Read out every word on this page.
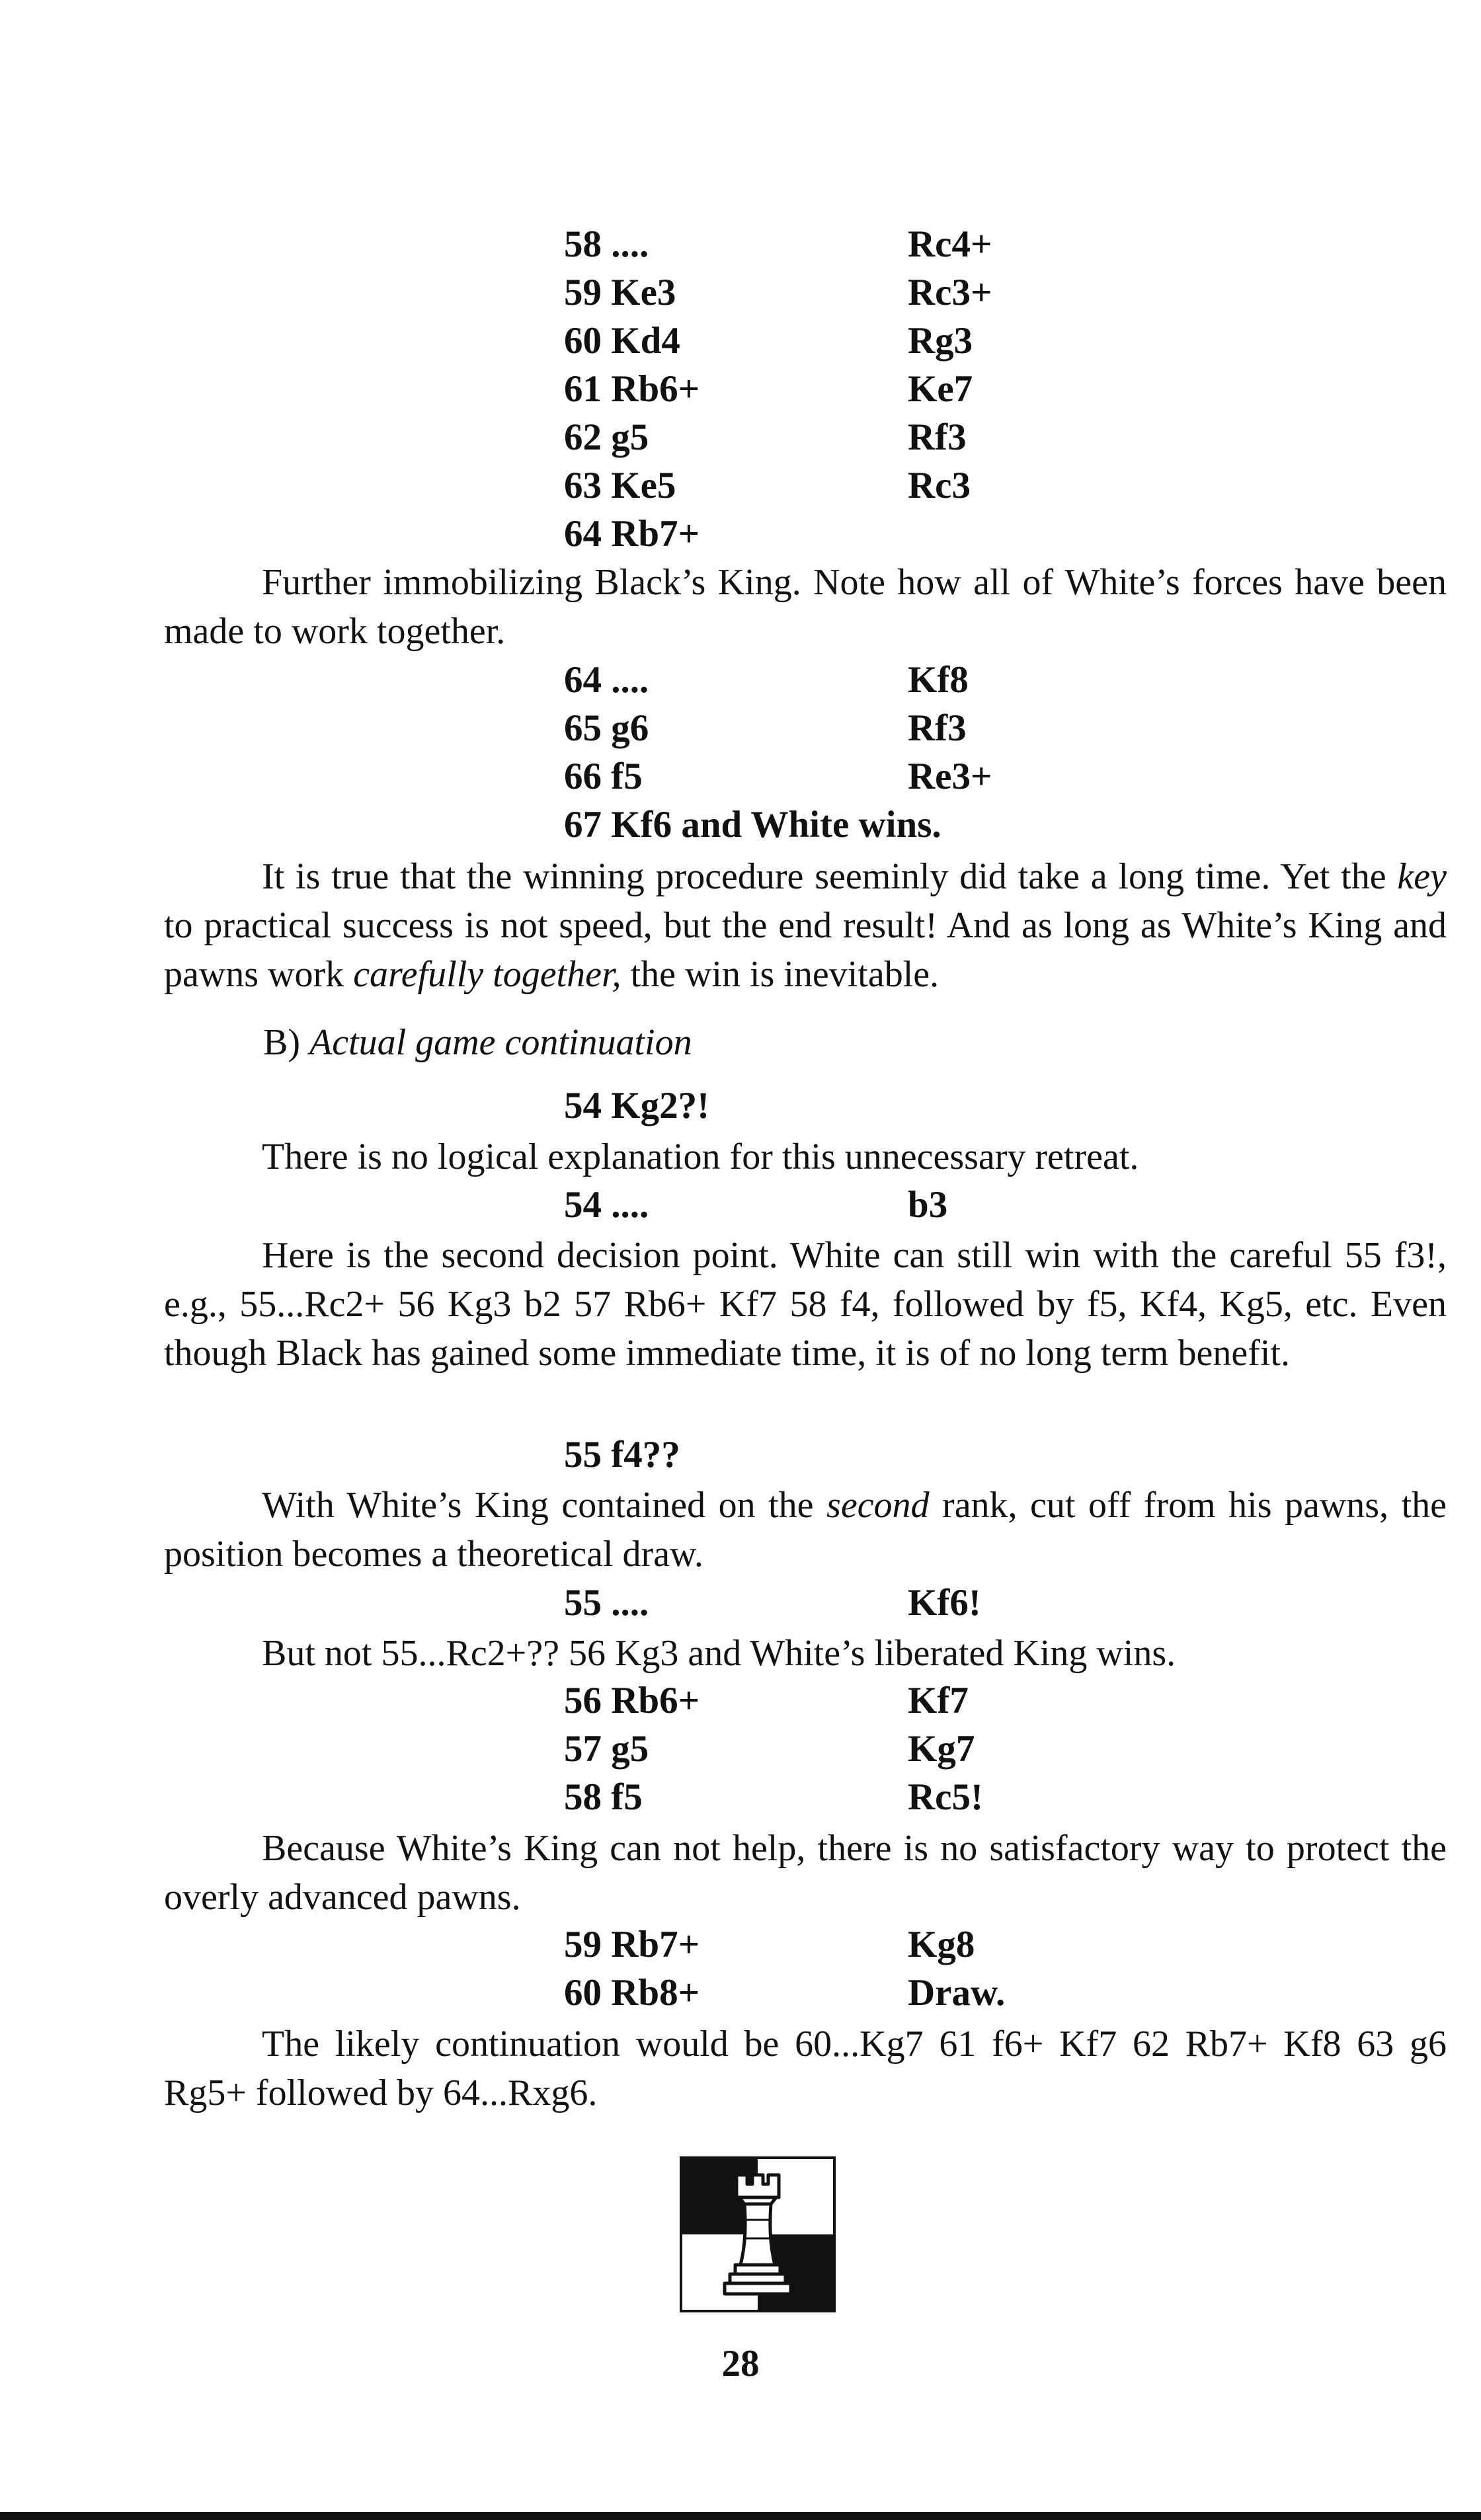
58 ....	Rc4+
59 Ke3	Rc3+
60 Kd4	Rg3
61 Rb6+	Ke7
62 g5	Rf3
63 Ke5	Rc3
64 Rb7+

Further immobilizing Black’s King. Note how all of White’s forces have been made to work together.

64 ....	Kf8
65 g6	Rf3
66 f5	Re3+
67 Kf6 and White wins.

It is true that the winning procedure seeminly did take a long time. Yet the key to practical success is not speed, but the end result! And as long as White’s King and pawns work carefully together, the win is inevitable.

B) Actual game continuation
54 Kg2?!

There is no logical explanation for this unnecessary retreat.

54 ....	b3

Here is the second decision point. White can still win with the careful 55 f3!, e.g., 55...Rc2+ 56 Kg3 b2 57 Rb6+ Kf7 58 f4, followed by f5, Kf4, Kg5, etc. Even though Black has gained some immediate time, it is of no long term benefit.

55 f4??

With White’s King contained on the second rank, cut off from his pawns, the position becomes a theoretical draw.

55 ....	Kf6!

But not 55...Rc2+?? 56 Kg3 and White’s liberated King wins.

56 Rb6+	Kf7
57 g5	Kg7
58 f5	Rc5!

Because White’s King can not help, there is no satisfactory way to protect the overly advanced pawns.

59 Rb7+	Kg8
60 Rb8+	Draw.

The likely continuation would be 60...Kg7 61 f6+ Kf7 62 Rb7+ Kf8 63 g6 Rg5+ followed by 64...Rxg6.

28
